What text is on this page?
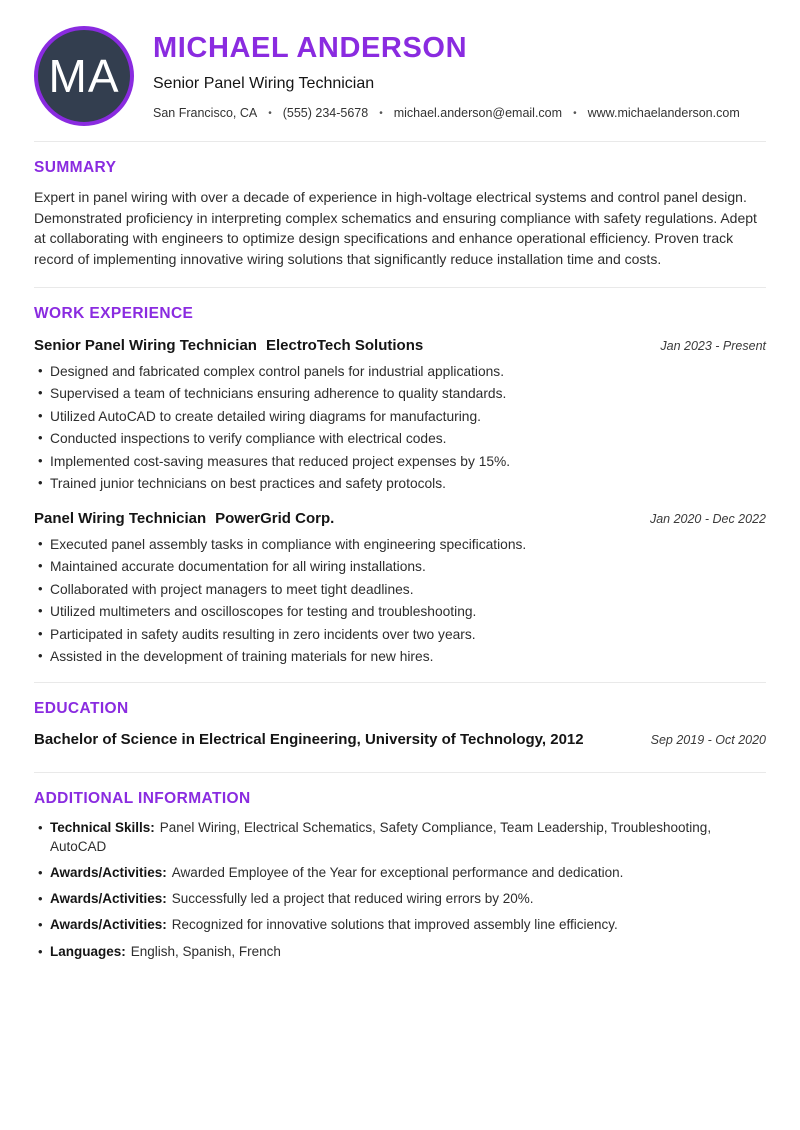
MA
MICHAEL ANDERSON
Senior Panel Wiring Technician
San Francisco, CA	• (555) 234-5678	• michael.anderson@email.com	• www.michaelanderson.com
SUMMARY

Expert in panel wiring with over a decade of experience in high-voltage electrical systems and control panel design. Demonstrated proficiency in interpreting complex schematics and ensuring compliance with safety regulations. Adept at collaborating with engineers to optimize design specifications and enhance operational efficiency. Proven track record of implementing innovative wiring solutions that significantly reduce installation time and costs.

WORK EXPERIENCE
Senior Panel Wiring Technician ElectroTech Solutions	Jan 2023 - Present
• Designed and fabricated complex control panels for industrial applications.
• Supervised a team of technicians ensuring adherence to quality standards.
• Utilized AutoCAD to create detailed wiring diagrams for manufacturing.
• Conducted inspections to verify compliance with electrical codes.
• Implemented cost-saving measures that reduced project expenses by 15%.
• Trained junior technicians on best practices and safety protocols.
Panel Wiring Technician PowerGrid Corp.	Jan 2020 - Dec 2022
• Executed panel assembly tasks in compliance with engineering specifications.
• Maintained accurate documentation for all wiring installations.
• Collaborated with project managers to meet tight deadlines.
• Utilized multimeters and oscilloscopes for testing and troubleshooting.
• Participated in safety audits resulting in zero incidents over two years.
• Assisted in the development of training materials for new hires.
EDUCATION
Bachelor of Science in Electrical Engineering, University of Technology, 2012	Sep 2019 - Oct 2020
ADDITIONAL INFORMATION
• Technical Skills: Panel Wiring, Electrical Schematics, Safety Compliance, Team Leadership, Troubleshooting, AutoCAD
• Awards/Activities: Awarded Employee of the Year for exceptional performance and dedication.
• Awards/Activities: Successfully led a project that reduced wiring errors by 20%.
• Awards/Activities: Recognized for innovative solutions that improved assembly line efficiency.
• Languages: English, Spanish, French
